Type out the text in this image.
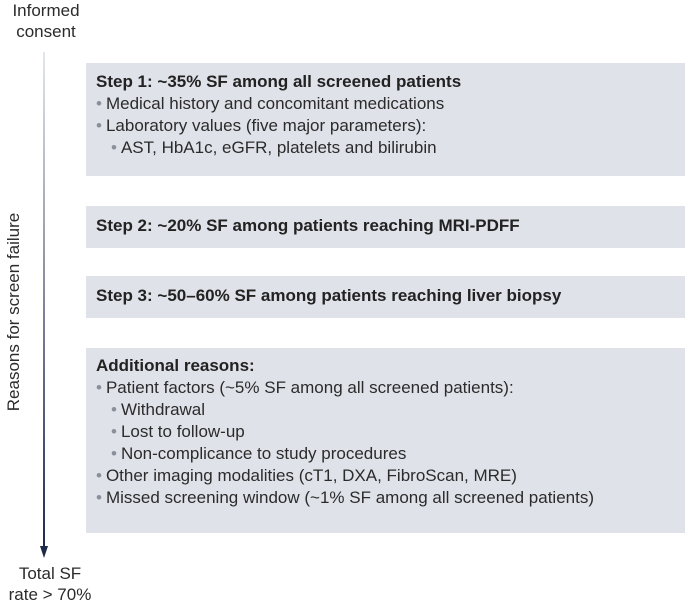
Informed
consent
Reasons for screen failure
Step 1: ~35% SF among all screened patients
• Medical history and concomitant medications
• Laboratory values (five major parameters):
• AST, HbA1c, eGFR, platelets and bilirubin
Step 2: ~20% SF among patients reaching MRI-PDFF
Step 3: ~50–60% SF among patients reaching liver biopsy
Additional reasons:
• Patient factors (~5% SF among all screened patients):
• Withdrawal
• Lost to follow-up
• Non-complicance to study procedures
• Other imaging modalities (cT1, DXA, FibroScan, MRE)
• Missed screening window (~1% SF among all screened patients)
Total SF
rate > 70%
